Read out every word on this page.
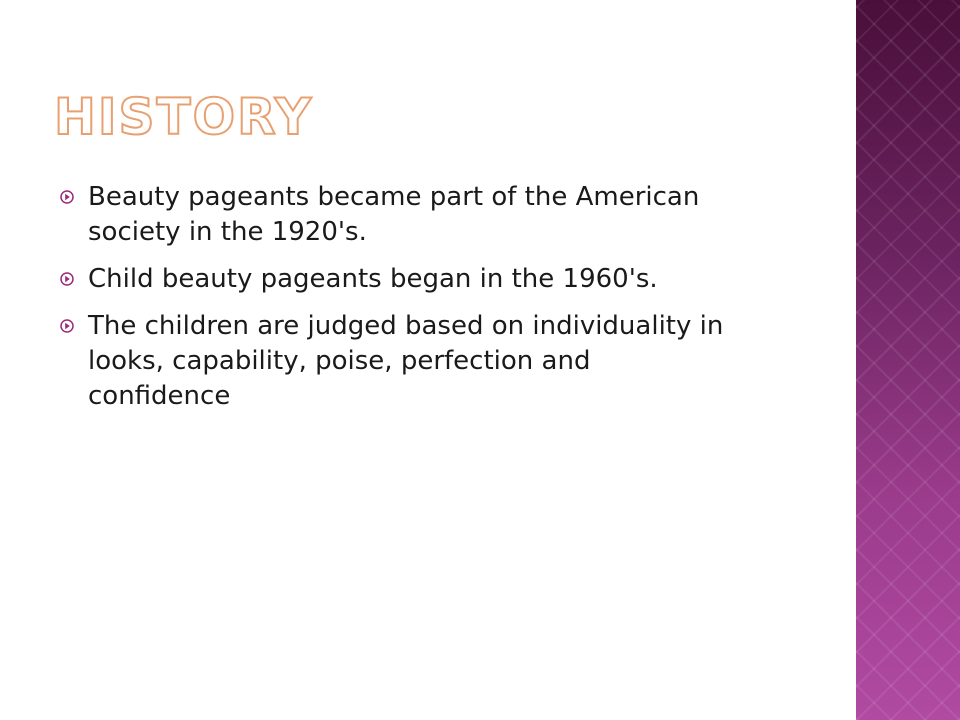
HISTORY
Beauty pageants became part of the American society in the 1920's.
Child beauty pageants began in the 1960's.
The children are judged based on individuality in looks, capability, poise, perfection and confidence
